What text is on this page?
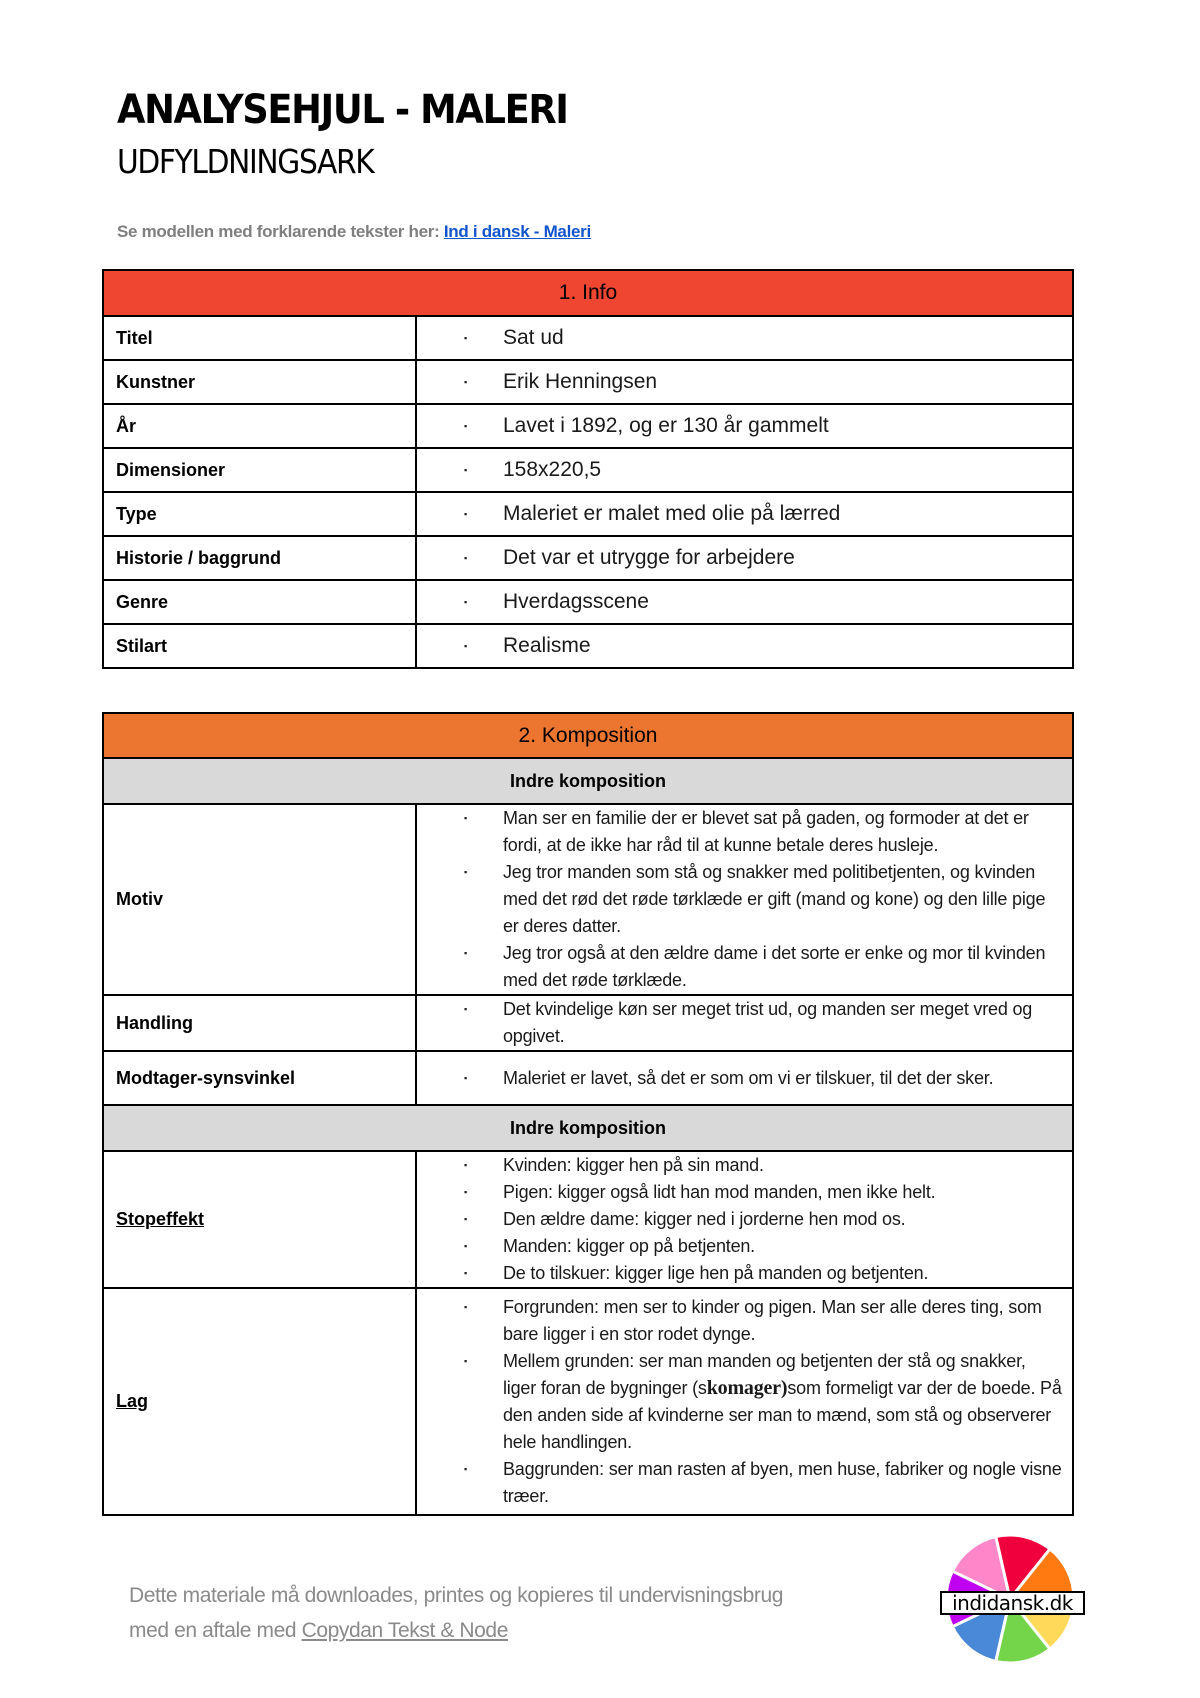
ANALYSEHJUL - MALERI
UDFYLDNINGSARK
Se modellen med forklarende tekster her: Ind i dansk - Maleri
1. Info	
Titel	
▪Sat ud

Kunstner	
▪Erik Henningsen

År	
▪Lavet i 1892, og er 130 år gammelt

Dimensioner	
▪158x220,5

Type	
▪Maleriet er malet med olie på lærred

Historie / baggrund	
▪Det var et utrygge for arbejdere

Genre	
▪Hverdagsscene

Stilart	
▪Realisme
2. Komposition	
Indre komposition	
Motiv	
▪ Man ser en familie der er blevet sat på gaden, og formoder at det er fordi, at de ikke har råd til at kunne betale deres husleje.
▪ Jeg tror manden som stå og snakker med politibetjenten, og kvinden med det rød det røde tørklæde er gift (mand og kone) og den lille pige er deres datter.
▪ Jeg tror også at den ældre dame i det sorte er enke og mor til kvinden med det røde tørklæde.

Handling	
▪ Det kvindelige køn ser meget trist ud, og manden ser meget vred og opgivet.

Modtager-synsvinkel	
▪Maleriet er lavet, så det er som om vi er tilskuer, til det der sker.

Indre komposition	
Stopeffekt	
▪ Kvinden: kigger hen på sin mand.
▪ Pigen: kigger også lidt han mod manden, men ikke helt.
▪ Den ældre dame: kigger ned i jorderne hen mod os.
▪ Manden: kigger op på betjenten.
▪ De to tilskuer: kigger lige hen på manden og betjenten.

Lag	
▪ Forgrunden: men ser to kinder og pigen. Man ser alle deres ting, som bare ligger i en stor rodet dynge.
▪ Mellem grunden: ser man manden og betjenten der stå og snakker, liger foran de bygninger (skomager)som formeligt var der de boede. På den anden side af kvinderne ser man to mænd, som stå og observerer hele handlingen.
▪ Baggrunden: ser man rasten af byen, men huse, fabriker og nogle visne træer.
Dette materiale må downloades, printes og kopieres til undervisningsbrug
med en aftale med Copydan Tekst & Node
indidansk.dk
